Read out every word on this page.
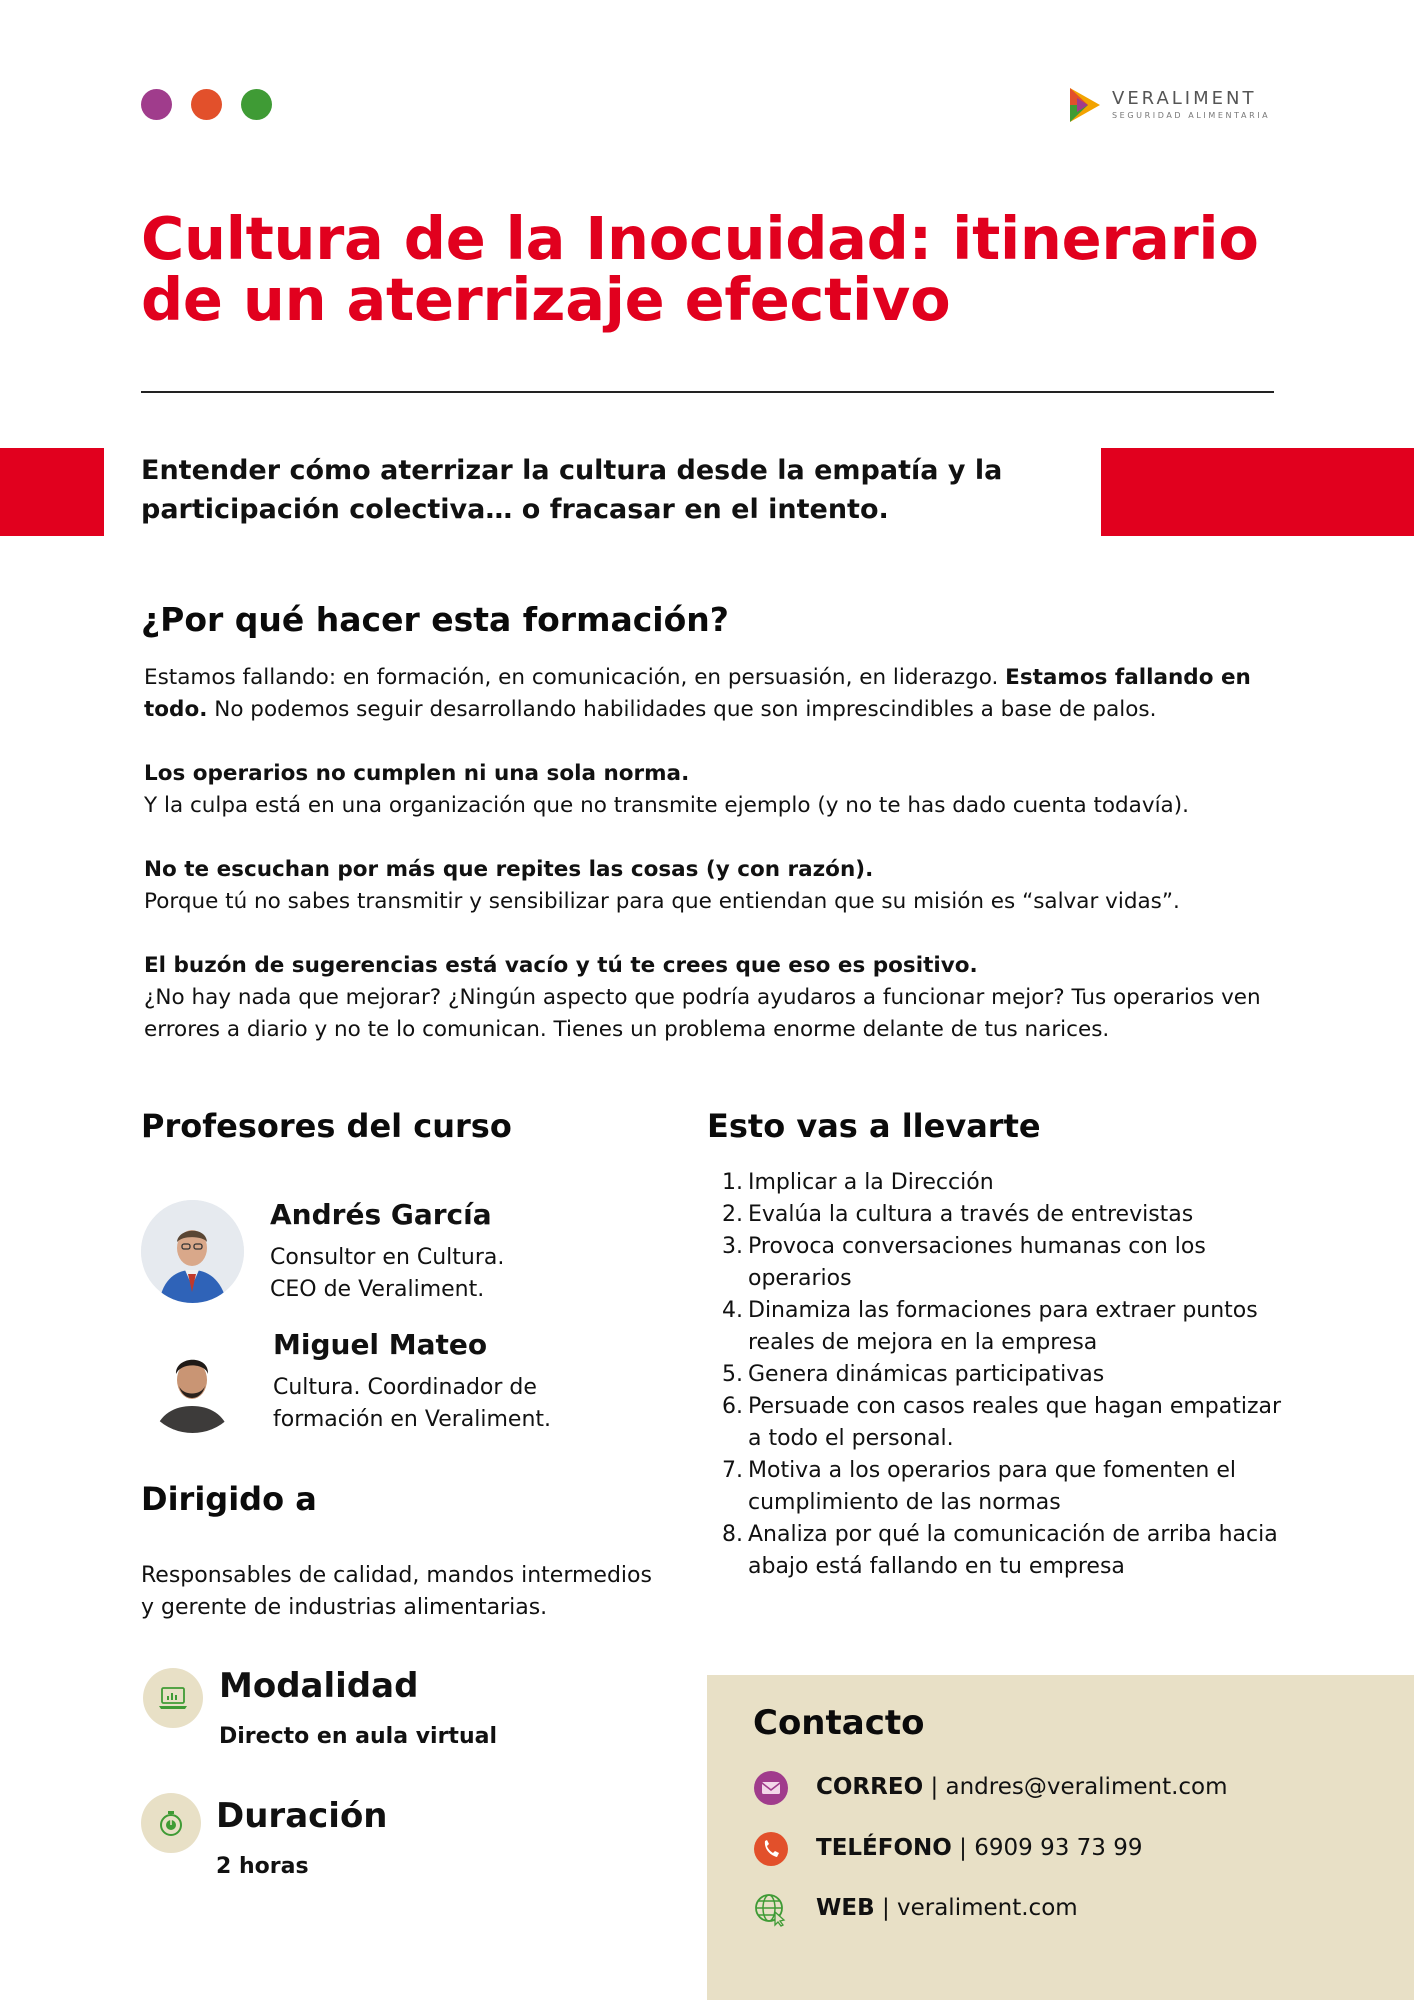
VERALIMENT
SEGURIDAD ALIMENTARIA
Cultura de la Inocuidad: itinerario
de un aterrizaje efectivo

Entender cómo aterrizar la cultura desde la empatía y la participación colectiva… o fracasar en el intento.

¿Por qué hacer esta formación?

Estamos fallando: en formación, en comunicación, en persuasión, en liderazgo. Estamos fallando en todo. No podemos seguir desarrollando habilidades que son imprescindibles a base de palos.

Los operarios no cumplen ni una sola norma.
Y la culpa está en una organización que no transmite ejemplo (y no te has dado cuenta todavía).

No te escuchan por más que repites las cosas (y con razón).
Porque tú no sabes transmitir y sensibilizar para que entiendan que su misión es “salvar vidas”.

El buzón de sugerencias está vacío y tú te crees que eso es positivo.
¿No hay nada que mejorar? ¿Ningún aspecto que podría ayudaros a funcionar mejor? Tus operarios ven errores a diario y no te lo comunican. Tienes un problema enorme delante de tus narices.

Profesores del curso
Andrés García
Consultor en Cultura.
CEO de Veraliment.
Miguel Mateo
Cultura. Coordinador de
formación en Veraliment.
Dirigido a
Responsables de calidad, mandos intermedios
y gerente de industrias alimentarias.
Esto vas a llevarte
1. Implicar a la Dirección
2. Evalúa la cultura a través de entrevistas
3. Provoca conversaciones humanas con los operarios
4. Dinamiza las formaciones para extraer puntos reales de mejora en la empresa
5. Genera dinámicas participativas
6. Persuade con casos reales que hagan empatizar a todo el personal.
7. Motiva a los operarios para que fomenten el cumplimiento de las normas
8. Analiza por qué la comunicación de arriba hacia abajo está fallando en tu empresa
Modalidad
Directo en aula virtual
Duración
2 horas
Contacto
CORREO | andres@veraliment.com
TELÉFONO | 6909 93 73 99
WEB | veraliment.com
